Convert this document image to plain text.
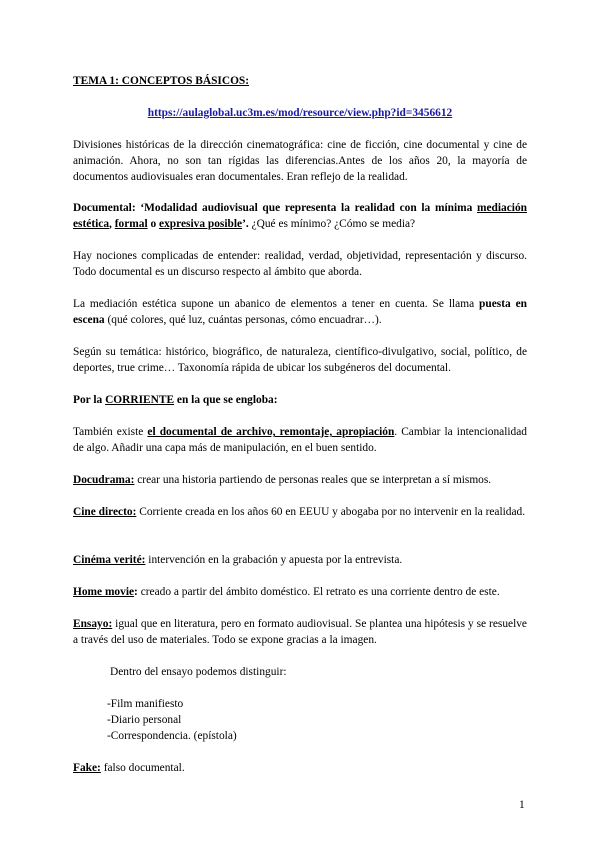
TEMA 1: CONCEPTOS BÁSICOS:

https://aulaglobal.uc3m.es/mod/resource/view.php?id=3456612

Divisiones históricas de la dirección cinematográfica: cine de ficción, cine documental y cine de animación. Ahora, no son tan rígidas las diferencias.Antes de los años 20, la mayoría de documentos audiovisuales eran documentales. Eran reflejo de la realidad.

Documental: ‘Modalidad audiovisual que representa la realidad con la mínima mediación estética, formal o expresiva posible’. ¿Qué es mínimo? ¿Cómo se media?

Hay nociones complicadas de entender: realidad, verdad, objetividad, representación y discurso. Todo documental es un discurso respecto al ámbito que aborda.

La mediación estética supone un abanico de elementos a tener en cuenta. Se llama puesta en escena (qué colores, qué luz, cuántas personas, cómo encuadrar…).

Según su temática: histórico, biográfico, de naturaleza, científico-divulgativo, social, político, de deportes, true crime… Taxonomía rápida de ubicar los subgéneros del documental.

Por la CORRIENTE en la que se engloba:

También existe el documental de archivo, remontaje, apropiación. Cambiar la intencionalidad de algo. Añadir una capa más de manipulación, en el buen sentido.

Docudrama: crear una historia partiendo de personas reales que se interpretan a sí mismos.

Cine directo: Corriente creada en los años 60 en EEUU y abogaba por no intervenir en la realidad.

Cinéma verité: intervención en la grabación y apuesta por la entrevista.

Home movie: creado a partir del ámbito doméstico. El retrato es una corriente dentro de este.

Ensayo: igual que en literatura, pero en formato audiovisual. Se plantea una hipótesis y se resuelve a través del uso de materiales. Todo se expone gracias a la imagen.

Dentro del ensayo podemos distinguir:

-Film manifiesto

-Diario personal

-Correspondencia. (epístola)

Fake: falso documental.

1
